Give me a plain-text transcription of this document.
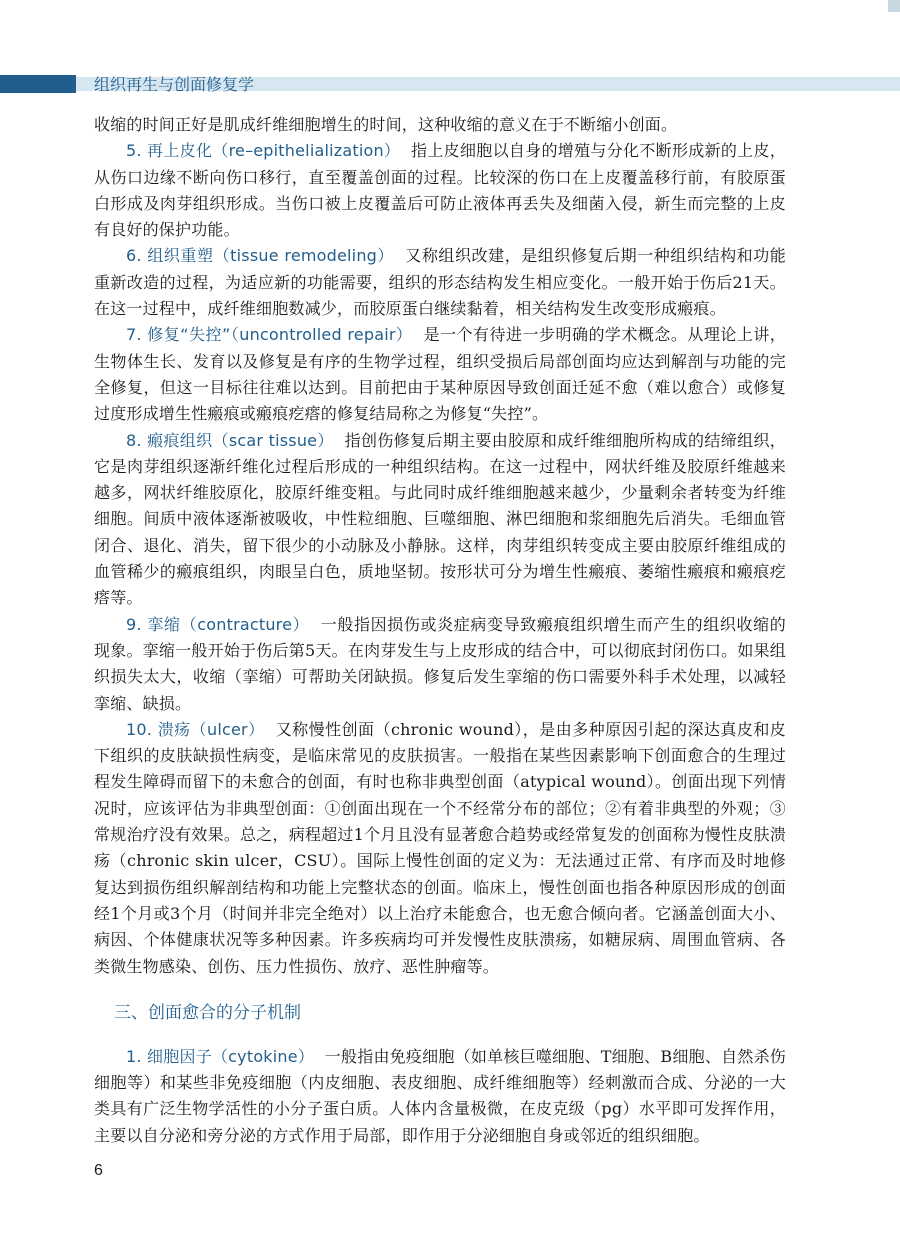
组织再生与创面修复学

收缩的时间正好是肌成纤维细胞增生的时间，这种收缩的意义在于不断缩小创面。

5. 再上皮化（re–epithelialization） 指上皮细胞以自身的增殖与分化不断形成新的上皮，从伤口边缘不断向伤口移行，直至覆盖创面的过程。比较深的伤口在上皮覆盖移行前，有胶原蛋白形成及肉芽组织形成。当伤口被上皮覆盖后可防止液体再丢失及细菌入侵，新生而完整的上皮有良好的保护功能。

6. 组织重塑（tissue remodeling） 又称组织改建，是组织修复后期一种组织结构和功能重新改造的过程，为适应新的功能需要，组织的形态结构发生相应变化。一般开始于伤后21天。在这一过程中，成纤维细胞数减少，而胶原蛋白继续黏着，相关结构发生改变形成瘢痕。

7. 修复“失控”（uncontrolled repair） 是一个有待进一步明确的学术概念。从理论上讲，生物体生长、发育以及修复是有序的生物学过程，组织受损后局部创面均应达到解剖与功能的完全修复，但这一目标往往难以达到。目前把由于某种原因导致创面迁延不愈（难以愈合）或修复过度形成增生性瘢痕或瘢痕疙瘩的修复结局称之为修复“失控”。

8. 瘢痕组织（scar tissue） 指创伤修复后期主要由胶原和成纤维细胞所构成的结缔组织，它是肉芽组织逐渐纤维化过程后形成的一种组织结构。在这一过程中，网状纤维及胶原纤维越来越多，网状纤维胶原化，胶原纤维变粗。与此同时成纤维细胞越来越少，少量剩余者转变为纤维细胞。间质中液体逐渐被吸收，中性粒细胞、巨噬细胞、淋巴细胞和浆细胞先后消失。毛细血管闭合、退化、消失，留下很少的小动脉及小静脉。这样，肉芽组织转变成主要由胶原纤维组成的血管稀少的瘢痕组织，肉眼呈白色，质地坚韧。按形状可分为增生性瘢痕、萎缩性瘢痕和瘢痕疙瘩等。

9. 挛缩（contracture） 一般指因损伤或炎症病变导致瘢痕组织增生而产生的组织收缩的现象。挛缩一般开始于伤后第5天。在肉芽发生与上皮形成的结合中，可以彻底封闭伤口。如果组织损失太大，收缩（挛缩）可帮助关闭缺损。修复后发生挛缩的伤口需要外科手术处理，以减轻挛缩、缺损。

10. 溃疡（ulcer） 又称慢性创面（chronic wound），是由多种原因引起的深达真皮和皮下组织的皮肤缺损性病变，是临床常见的皮肤损害。一般指在某些因素影响下创面愈合的生理过程发生障碍而留下的未愈合的创面，有时也称非典型创面（atypical wound）。创面出现下列情况时，应该评估为非典型创面：①创面出现在一个不经常分布的部位；②有着非典型的外观；③常规治疗没有效果。总之，病程超过1个月且没有显著愈合趋势或经常复发的创面称为慢性皮肤溃疡（chronic skin ulcer，CSU）。国际上慢性创面的定义为：无法通过正常、有序而及时地修复达到损伤组织解剖结构和功能上完整状态的创面。临床上，慢性创面也指各种原因形成的创面经1个月或3个月（时间并非完全绝对）以上治疗未能愈合，也无愈合倾向者。它涵盖创面大小、病因、个体健康状况等多种因素。许多疾病均可并发慢性皮肤溃疡，如糖尿病、周围血管病、各类微生物感染、创伤、压力性损伤、放疗、恶性肿瘤等。

三、创面愈合的分子机制

1. 细胞因子（cytokine） 一般指由免疫细胞（如单核巨噬细胞、T细胞、B细胞、自然杀伤细胞等）和某些非免疫细胞（内皮细胞、表皮细胞、成纤维细胞等）经刺激而合成、分泌的一大类具有广泛生物学活性的小分子蛋白质。人体内含量极微，在皮克级（pg）水平即可发挥作用，主要以自分泌和旁分泌的方式作用于局部，即作用于分泌细胞自身或邻近的组织细胞。

6
